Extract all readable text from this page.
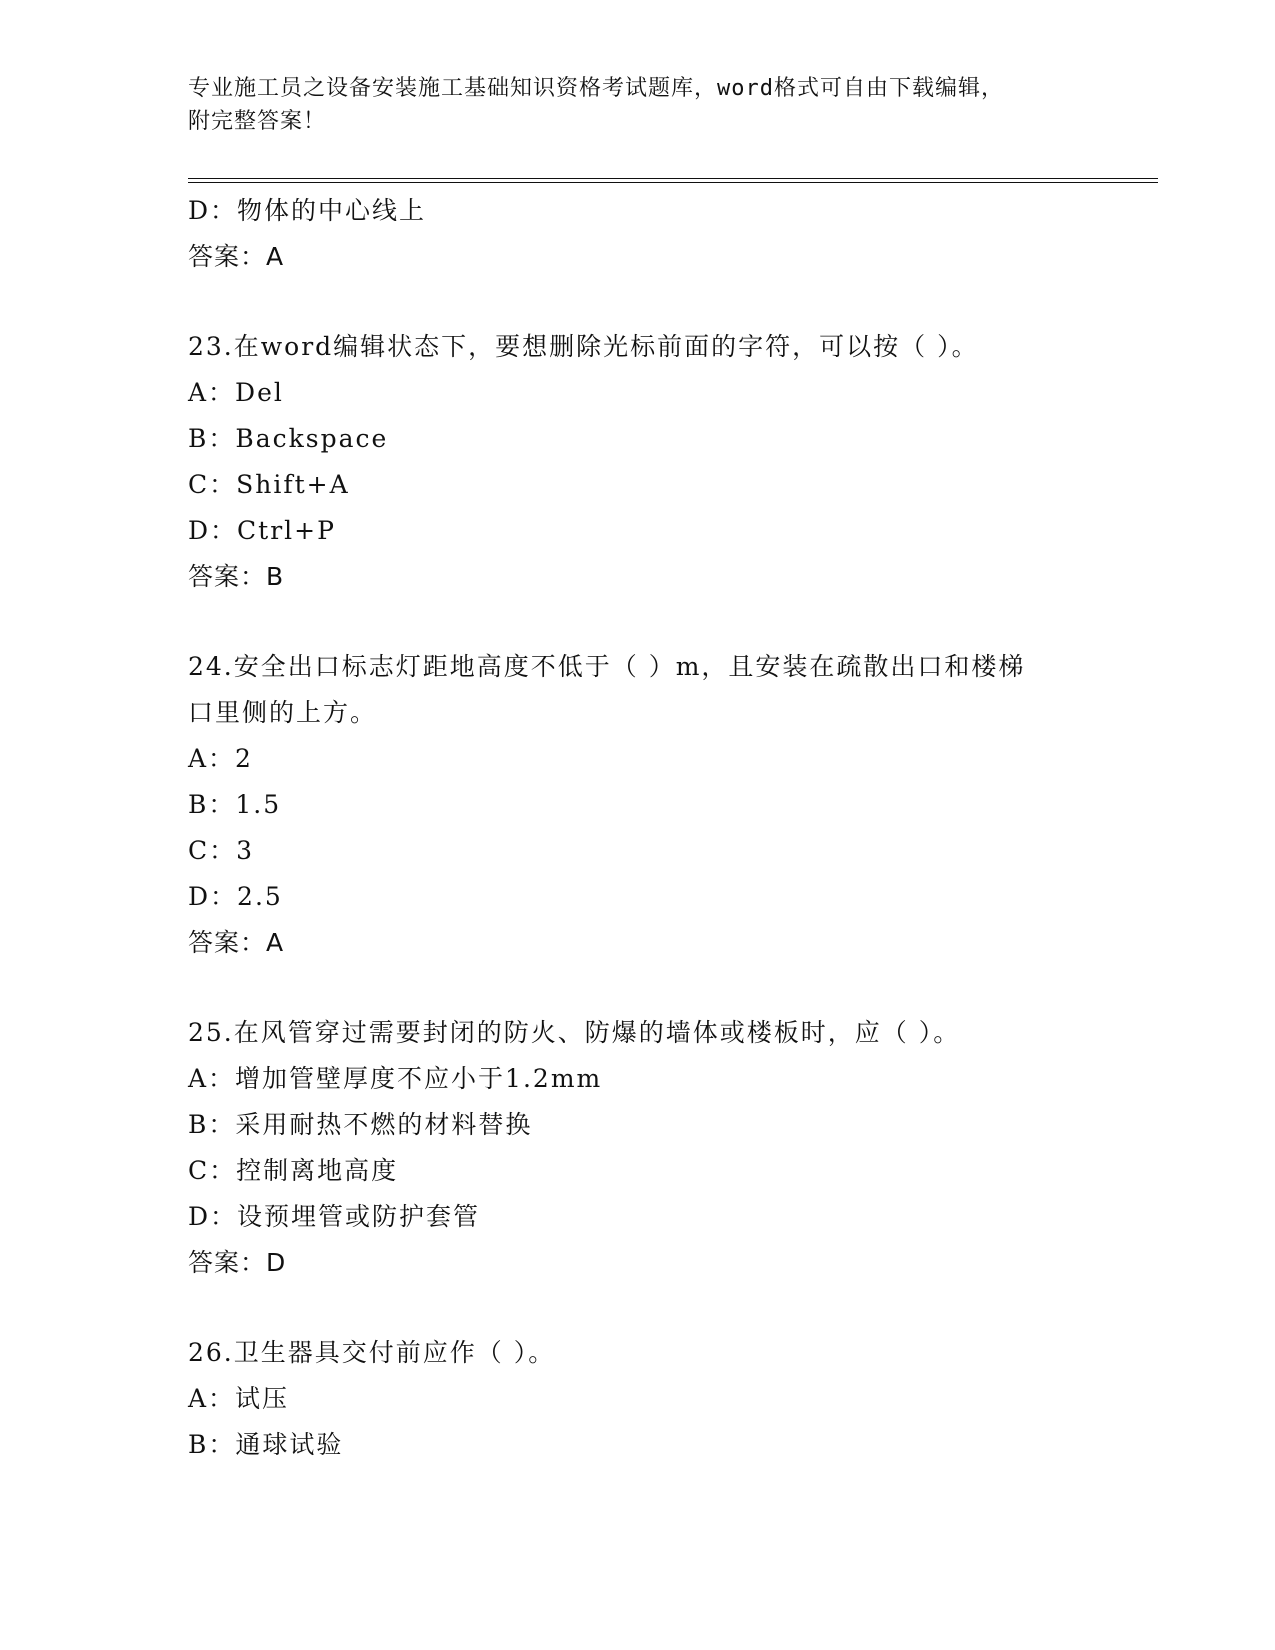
专业施工员之设备安装施工基础知识资格考试题库，word格式可自由下载编辑，
附完整答案！
D：物体的中心线上
答案：A
23.在word编辑状态下，要想删除光标前面的字符，可以按（ ）。
A：Del
B：Backspace
C：Shift+A
D：Ctrl+P
答案：B
24.安全出口标志灯距地高度不低于（ ）m，且安装在疏散出口和楼梯
口里侧的上方。
A：2
B：1.5
C：3
D：2.5
答案：A
25.在风管穿过需要封闭的防火、防爆的墙体或楼板时，应（ ）。
A：增加管壁厚度不应小于1.2mm
B：采用耐热不燃的材料替换
C：控制离地高度
D：设预埋管或防护套管
答案：D
26.卫生器具交付前应作（ ）。
A：试压
B：通球试验
